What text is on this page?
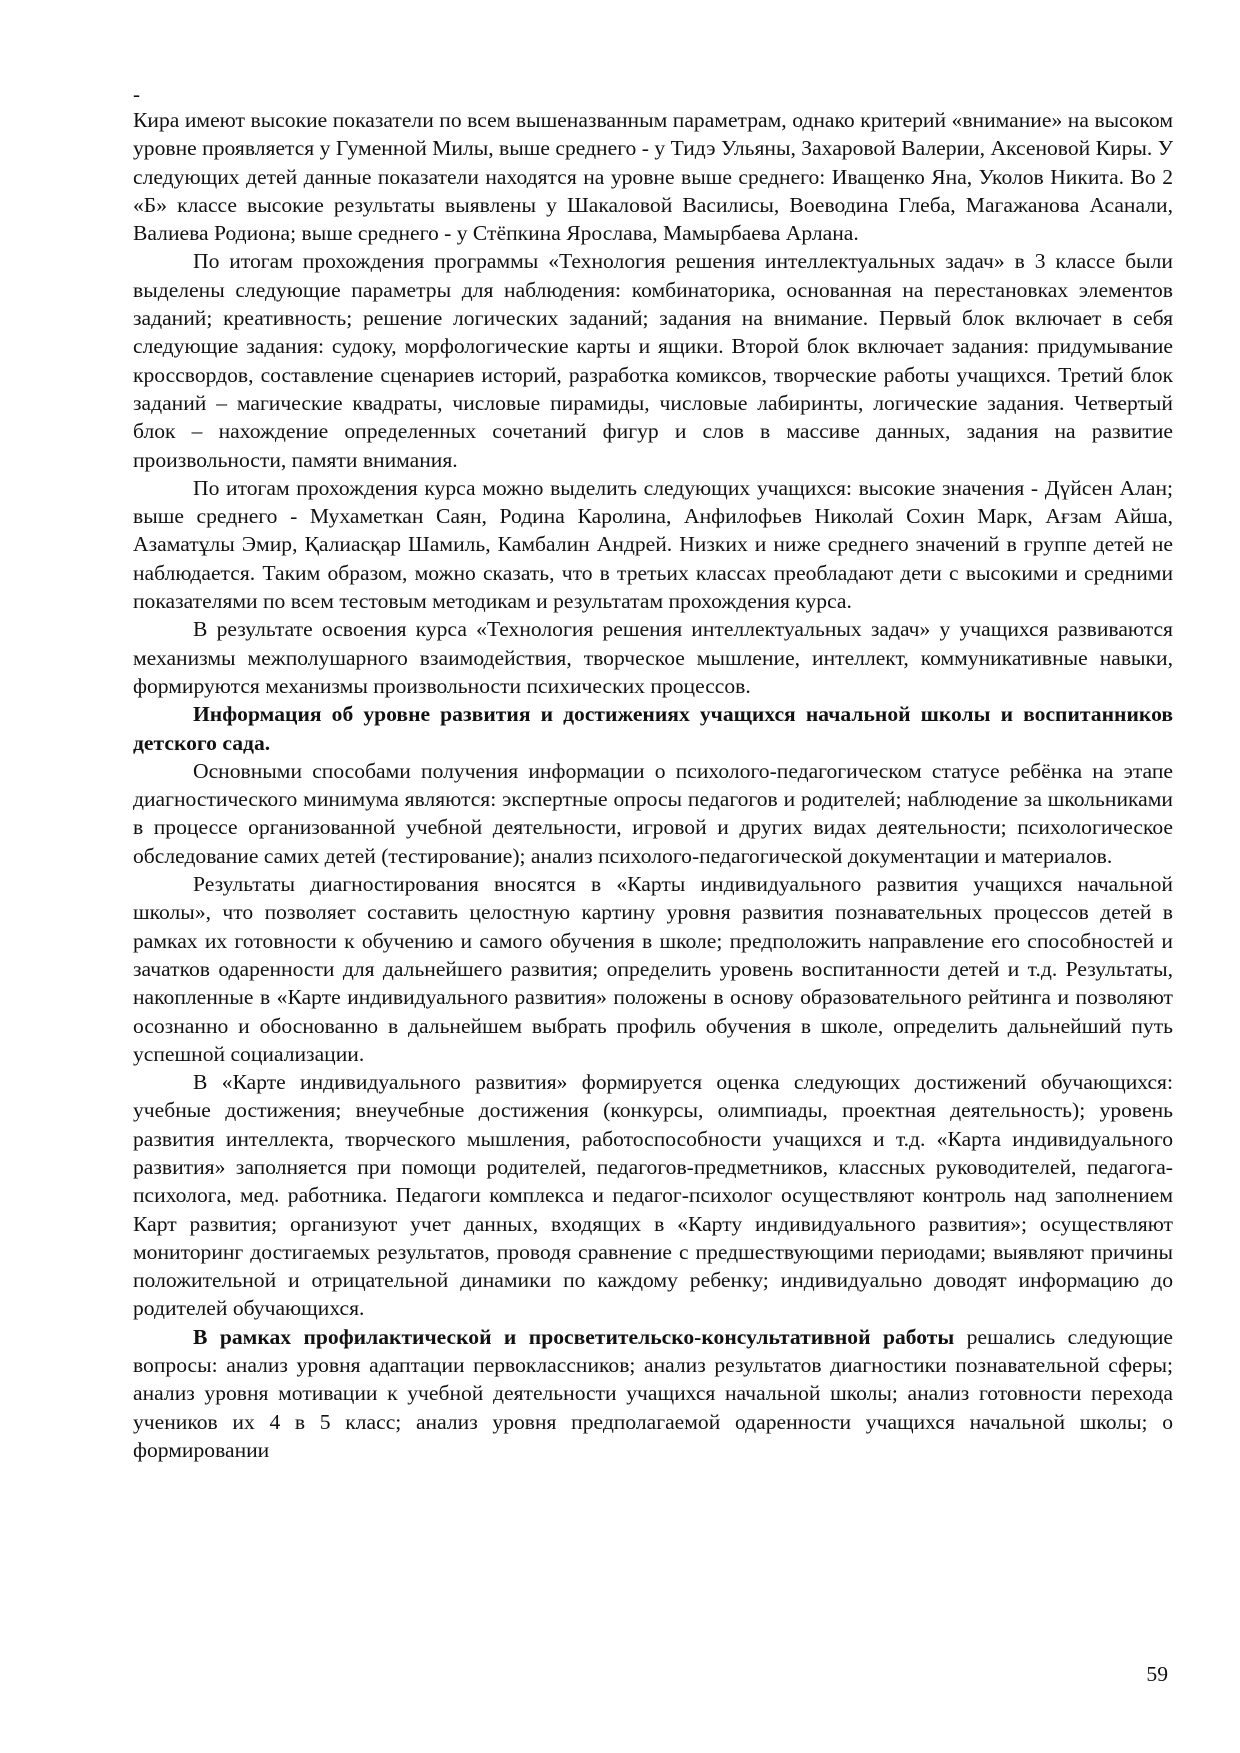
-

Кира имеют высокие показатели по всем вышеназванным параметрам, однако критерий «внимание» на высоком уровне проявляется у Гуменной Милы, выше среднего - у Тидэ Ульяны, Захаровой Валерии, Аксеновой Киры. У следующих детей данные показатели находятся на уровне выше среднего: Иващенко Яна, Уколов Никита. Во 2 «Б» классе высокие результаты выявлены у Шакаловой Василисы, Воеводина Глеба, Магажанова Асанали, Валиева Родиона; выше среднего - у Стёпкина Ярослава, Мамырбаева Арлана.

По итогам прохождения программы «Технология решения интеллектуальных задач» в 3 классе были выделены следующие параметры для наблюдения: комбинаторика, основанная на перестановках элементов заданий; креативность; решение логических заданий; задания на внимание. Первый блок включает в себя следующие задания: судоку, морфологические карты и ящики. Второй блок включает задания: придумывание кроссвордов, составление сценариев историй, разработка комиксов, творческие работы учащихся. Третий блок заданий – магические квадраты, числовые пирамиды, числовые лабиринты, логические задания. Четвертый блок – нахождение определенных сочетаний фигур и слов в массиве данных, задания на развитие произвольности, памяти внимания.

По итогам прохождения курса можно выделить следующих учащихся: высокие значения - Дүйсен Алан; выше среднего - Мухаметкан Саян, Родина Каролина, Анфилофьев Николай Сохин Марк, Ағзам Айша, Азаматұлы Эмир, Қалиасқар Шамиль, Камбалин Андрей. Низких и ниже среднего значений в группе детей не наблюдается. Таким образом, можно сказать, что в третьих классах преобладают дети с высокими и средними показателями по всем тестовым методикам и результатам прохождения курса.

В результате освоения курса «Технология решения интеллектуальных задач» у учащихся развиваются механизмы межполушарного взаимодействия, творческое мышление, интеллект, коммуникативные навыки, формируются механизмы произвольности психических процессов.

Информация об уровне развития и достижениях учащихся начальной школы и воспитанников детского сада.

Основными способами получения информации о психолого-педагогическом статусе ребёнка на этапе диагностического минимума являются: экспертные опросы педагогов и родителей; наблюдение за школьниками в процессе организованной учебной деятельности, игровой и других видах деятельности; психологическое обследование самих детей (тестирование); анализ психолого-педагогической документации и материалов.

Результаты диагностирования вносятся в «Карты индивидуального развития учащихся начальной школы», что позволяет составить целостную картину уровня развития познавательных процессов детей в рамках их готовности к обучению и самого обучения в школе; предположить направление его способностей и зачатков одаренности для дальнейшего развития; определить уровень воспитанности детей и т.д. Результаты, накопленные в «Карте индивидуального развития» положены в основу образовательного рейтинга и позволяют осознанно и обоснованно в дальнейшем выбрать профиль обучения в школе, определить дальнейший путь успешной социализации.

В «Карте индивидуального развития» формируется оценка следующих достижений обучающихся: учебные достижения; внеучебные достижения (конкурсы, олимпиады, проектная деятельность); уровень развития интеллекта, творческого мышления, работоспособности учащихся и т.д. «Карта индивидуального развития» заполняется при помощи родителей, педагогов-предметников, классных руководителей, педагога-психолога, мед. работника. Педагоги комплекса и педагог-психолог осуществляют контроль над заполнением Карт развития; организуют учет данных, входящих в «Карту индивидуального развития»; осуществляют мониторинг достигаемых результатов, проводя сравнение с предшествующими периодами; выявляют причины положительной и отрицательной динамики по каждому ребенку; индивидуально доводят информацию до родителей обучающихся.

В рамках профилактической и просветительско-консультативной работы решались следующие вопросы: анализ уровня адаптации первоклассников; анализ результатов диагностики познавательной сферы; анализ уровня мотивации к учебной деятельности учащихся начальной школы; анализ готовности перехода учеников их 4 в 5 класс; анализ уровня предполагаемой одаренности учащихся начальной школы; о формировании

59
